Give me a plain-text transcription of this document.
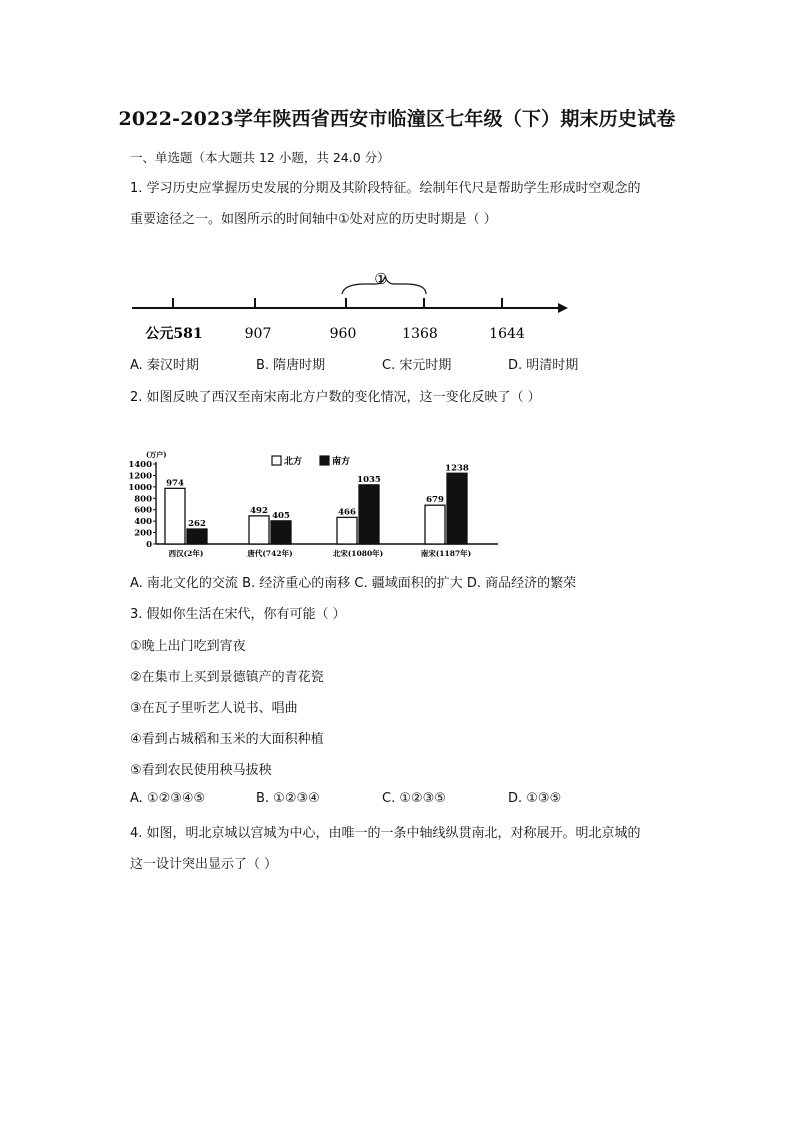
2022-2023学年陕西省西安市临潼区七年级（下）期末历史试卷
一、单选题（本大题共 12 小题，共 24.0 分）
1. 学习历史应掌握历史发展的分期及其阶段特征。绘制年代尺是帮助学生形成时空观念的
重要途径之一。如图所示的时间轴中①处对应的历史时期是（ ）
①
公元581	907	960	1368	1644
A. 秦汉时期	B. 隋唐时期	C. 宋元时期	D. 明清时期
2. 如图反映了西汉至南宋南北方户数的变化情况，这一变化反映了（ ）
(万户)
0
200
400
600
800
1000
1200
1400	北方	南方
974
262
西汉(2年)
492 405
唐代(742年)
466
1035
北宋(1080年)
679
1238
南宋(1187年)
A. 南北文化的交流 B. 经济重心的南移 C. 疆域面积的扩大 D. 商品经济的繁荣
3. 假如你生活在宋代，你有可能（ ）
①晚上出门吃到宵夜
②在集市上买到景德镇产的青花瓷
③在瓦子里听艺人说书、唱曲
④看到占城稻和玉米的大面积种植
⑤看到农民使用秧马拔秧
A. ①②③④⑤	B. ①②③④	C. ①②③⑤	D. ①③⑤
4. 如图，明北京城以宫城为中心，由唯一的一条中轴线纵贯南北，对称展开。明北京城的
这一设计突出显示了（ ）
